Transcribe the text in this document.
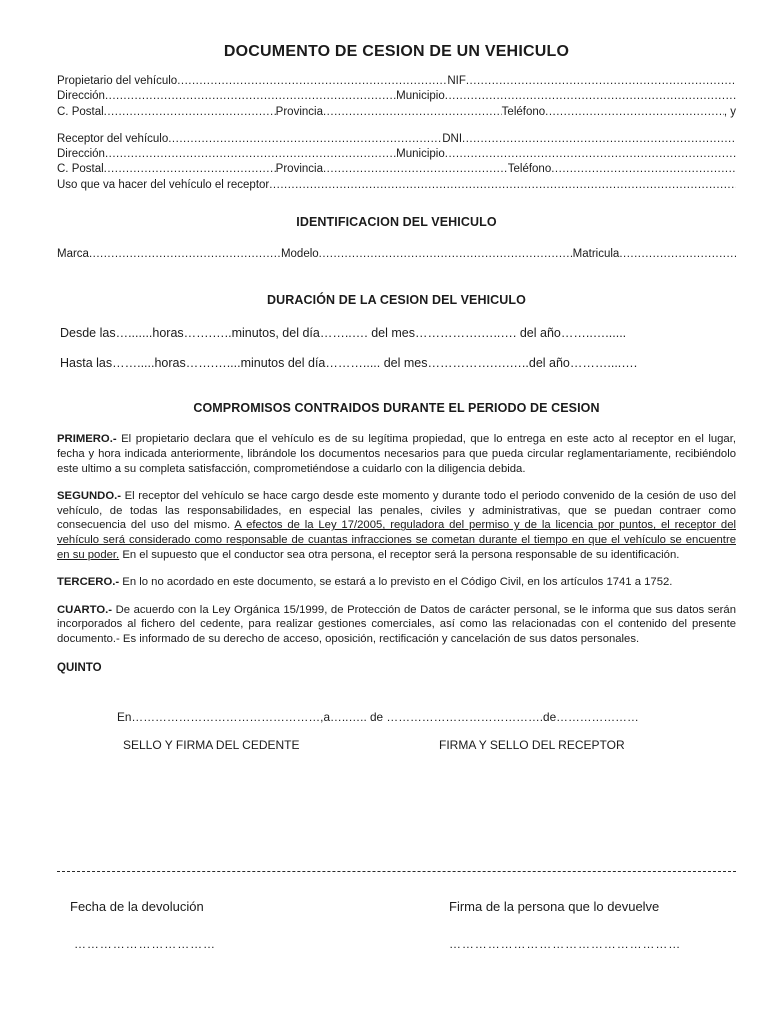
DOCUMENTO DE CESION DE UN VEHICULO
Propietario del vehículo .....	NIF
.....
Dirección .....	Municipio
.....
C. Postal .....	Provincia .....	Teléfono .....	, y
Receptor del vehículo .....	DNI
.....
Dirección .....	Municipio
.....
C. Postal .....	Provincia .....	Teléfono
.....
Uso que va hacer del vehículo el receptor
.....
IDENTIFICACION DEL VEHICULO
Marca .....	Modelo .....	Matricula
.....
DURACIÓN DE LA CESION DEL VEHICULO
Desde las….......horas…….…..minutos, del día……..…. del mes…………….…..…. del año……..…......
Hasta las…….....horas…….…....minutos del día………..... del mes…………….….…..del año………....….
COMPROMISOS CONTRAIDOS DURANTE EL PERIODO DE CESION

PRIMERO.- El propietario declara que el vehículo es de su legítima propiedad, que lo entrega en este acto al receptor en el lugar, fecha y hora indicada anteriormente, librándole los documentos necesarios para que pueda circular reglamentariamente, recibiéndolo este ultimo a su completa satisfacción, comprometiéndose a cuidarlo con la diligencia debida.

SEGUNDO.- El receptor del vehículo se hace cargo desde este momento y durante todo el periodo convenido de la cesión de uso del vehículo, de todas las responsabilidades, en especial las penales, civiles y administrativas, que se puedan contraer como consecuencia del uso del mismo. A efectos de la Ley 17/2005, reguladora del permiso y de la licencia por puntos, el receptor del vehículo será considerado como responsable de cuantas infracciones se cometan durante el tiempo en que el vehículo se encuentre en su poder. En el supuesto que el conductor sea otra persona, el receptor será la persona responsable de su identificación.

TERCERO.- En lo no acordado en este documento, se estará a lo previsto en el Código Civil, en los artículos 1741 a 1752.

CUARTO.- De acuerdo con la Ley Orgánica 15/1999, de Protección de Datos de carácter personal, se le informa que sus datos serán incorporados al fichero del cedente, para realizar gestiones comerciales, así como las relacionadas con el contenido del presente documento.- Es informado de su derecho de acceso, oposición, rectificación y cancelación de sus datos personales.

QUINTO
En…………………………………………,a…..….. de ………………………………….de…………………
SELLO Y FIRMA DEL CEDENTE	FIRMA Y SELLO DEL RECEPTOR
Fecha de la devolución	Firma de la persona que lo devuelve
……………………………	………………………………………………
